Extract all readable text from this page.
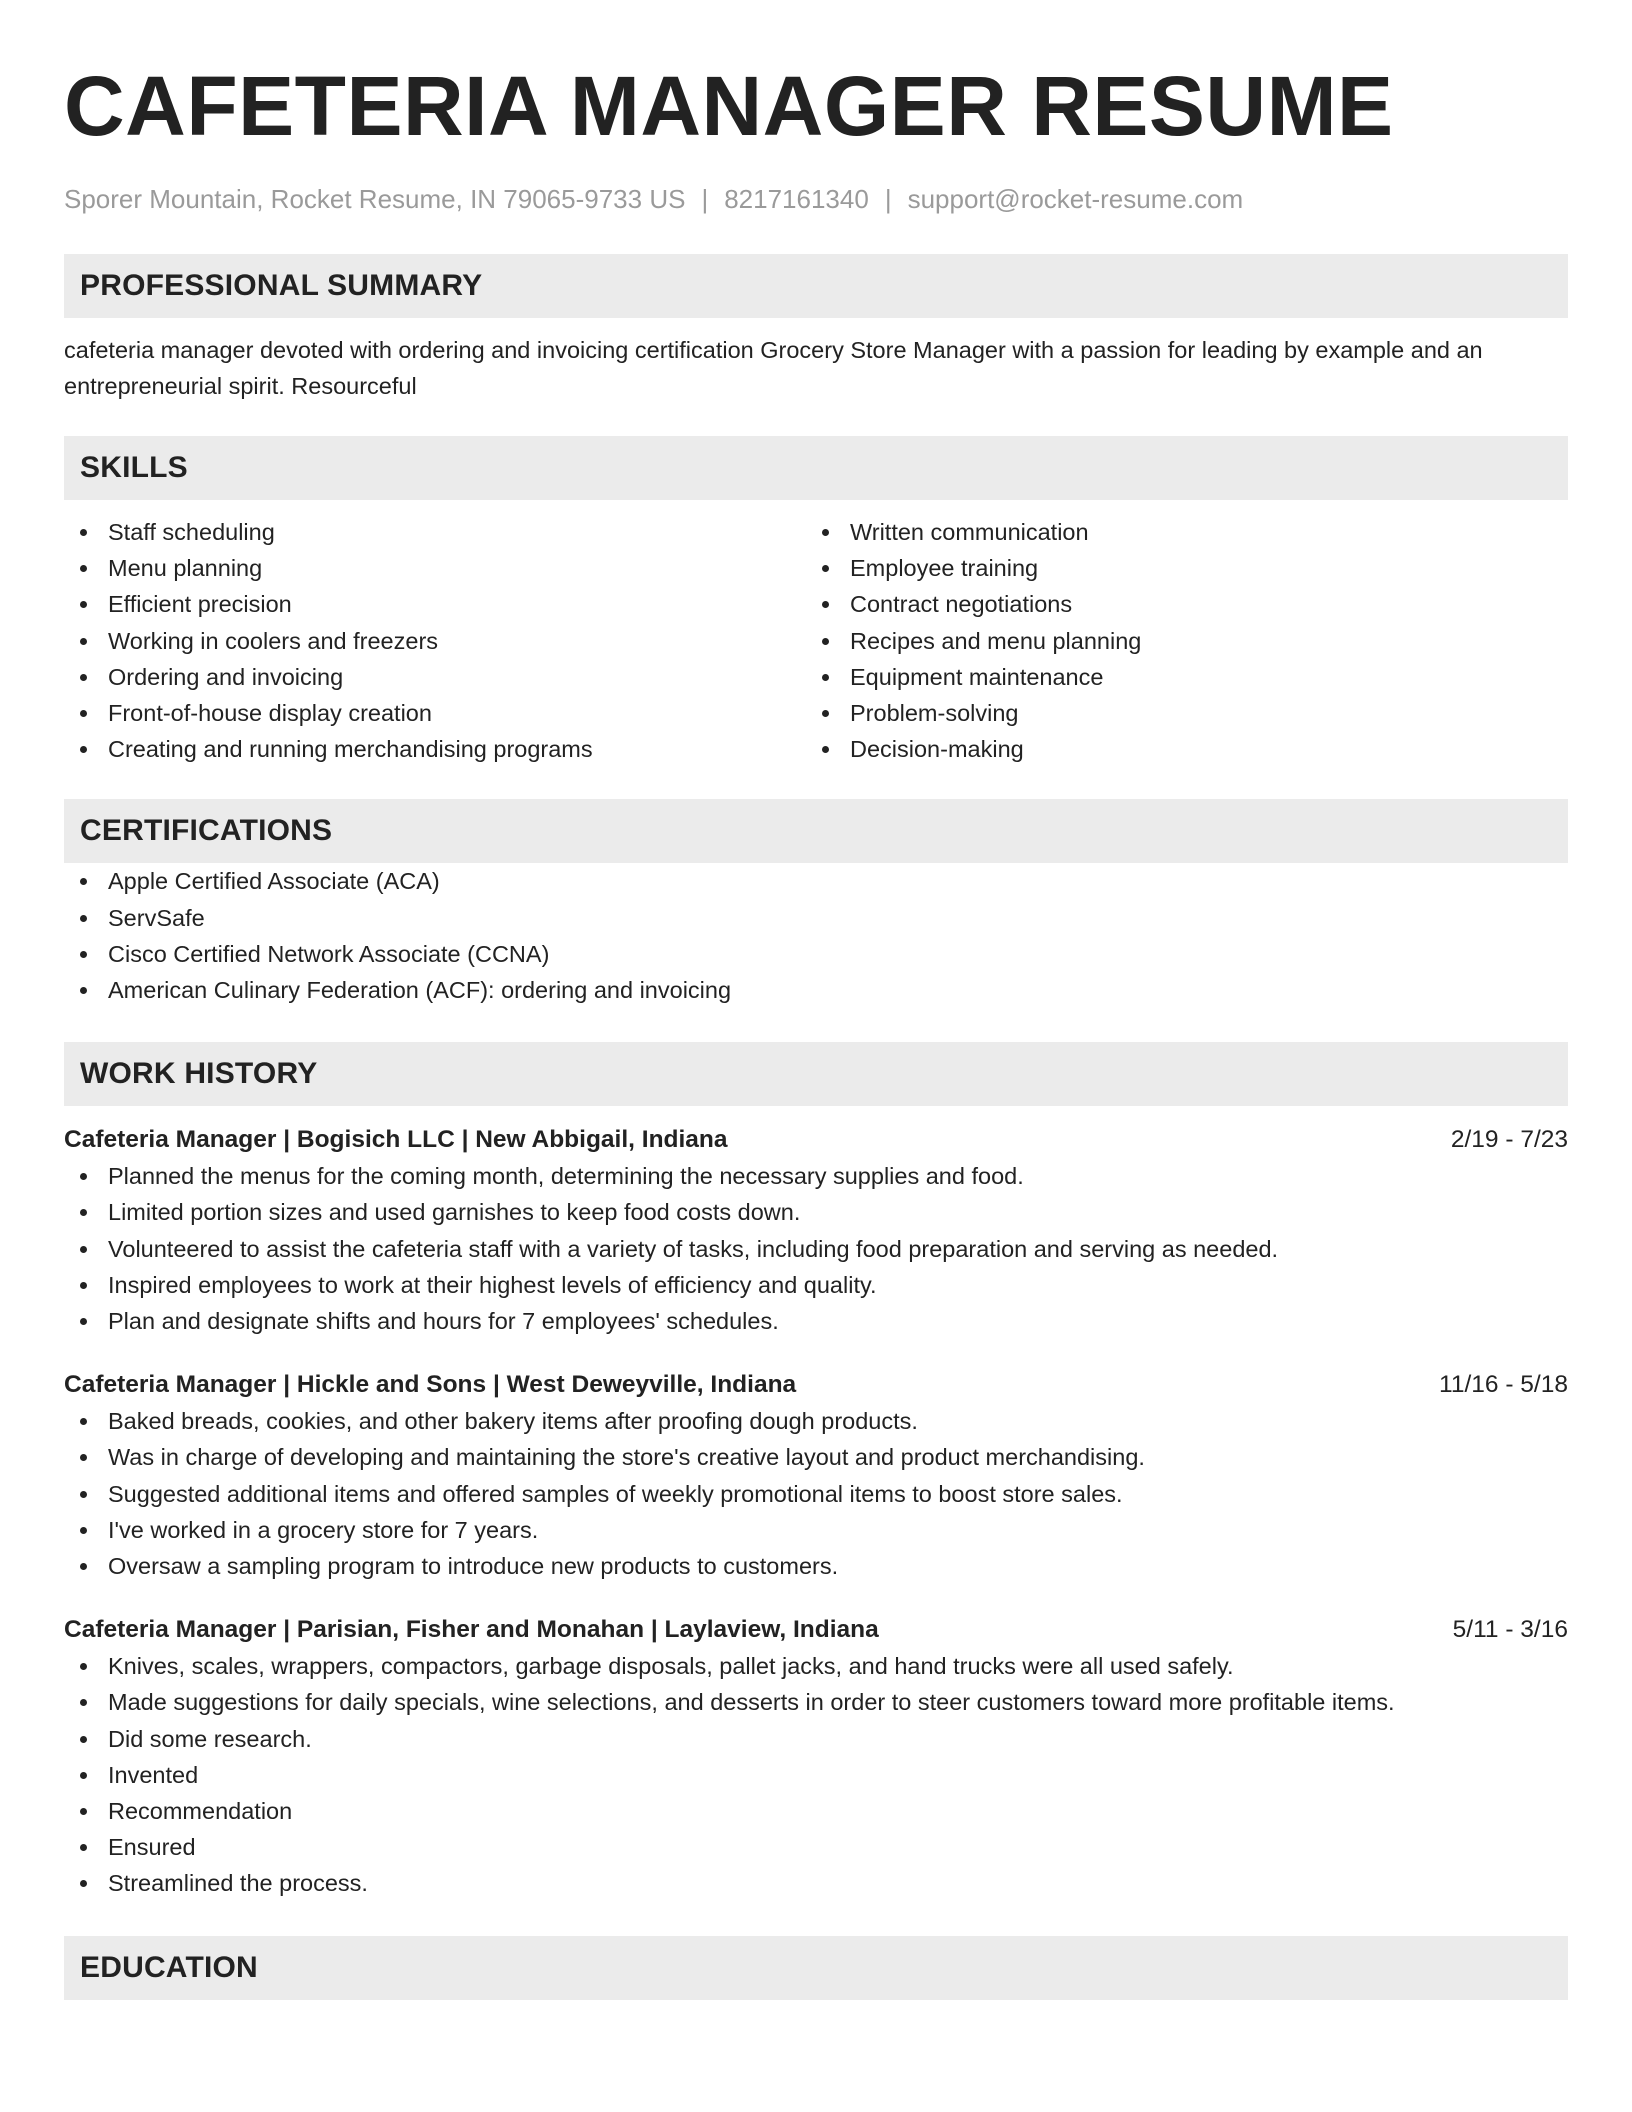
CAFETERIA MANAGER RESUME
Sporer Mountain, Rocket Resume, IN 79065-9733 US | 8217161340 | support@rocket-resume.com
PROFESSIONAL SUMMARY
cafeteria manager devoted with ordering and invoicing certification Grocery Store Manager with a passion for leading by example and an entrepreneurial spirit. Resourceful
SKILLS
Staff scheduling
Menu planning
Efficient precision
Working in coolers and freezers
Ordering and invoicing
Front-of-house display creation
Creating and running merchandising programs
Written communication
Employee training
Contract negotiations
Recipes and menu planning
Equipment maintenance
Problem-solving
Decision-making
CERTIFICATIONS
Apple Certified Associate (ACA)
ServSafe
Cisco Certified Network Associate (CCNA)
American Culinary Federation (ACF): ordering and invoicing
WORK HISTORY
Cafeteria Manager | Bogisich LLC | New Abbigail, Indiana	2/19 - 7/23
Planned the menus for the coming month, determining the necessary supplies and food.
Limited portion sizes and used garnishes to keep food costs down.
Volunteered to assist the cafeteria staff with a variety of tasks, including food preparation and serving as needed.
Inspired employees to work at their highest levels of efficiency and quality.
Plan and designate shifts and hours for 7 employees' schedules.
Cafeteria Manager | Hickle and Sons | West Deweyville, Indiana	11/16 - 5/18
Baked breads, cookies, and other bakery items after proofing dough products.
Was in charge of developing and maintaining the store's creative layout and product merchandising.
Suggested additional items and offered samples of weekly promotional items to boost store sales.
I've worked in a grocery store for 7 years.
Oversaw a sampling program to introduce new products to customers.
Cafeteria Manager | Parisian, Fisher and Monahan | Laylaview, Indiana	5/11 - 3/16
Knives, scales, wrappers, compactors, garbage disposals, pallet jacks, and hand trucks were all used safely.
Made suggestions for daily specials, wine selections, and desserts in order to steer customers toward more profitable items.
Did some research.
Invented
Recommendation
Ensured
Streamlined the process.
EDUCATION
